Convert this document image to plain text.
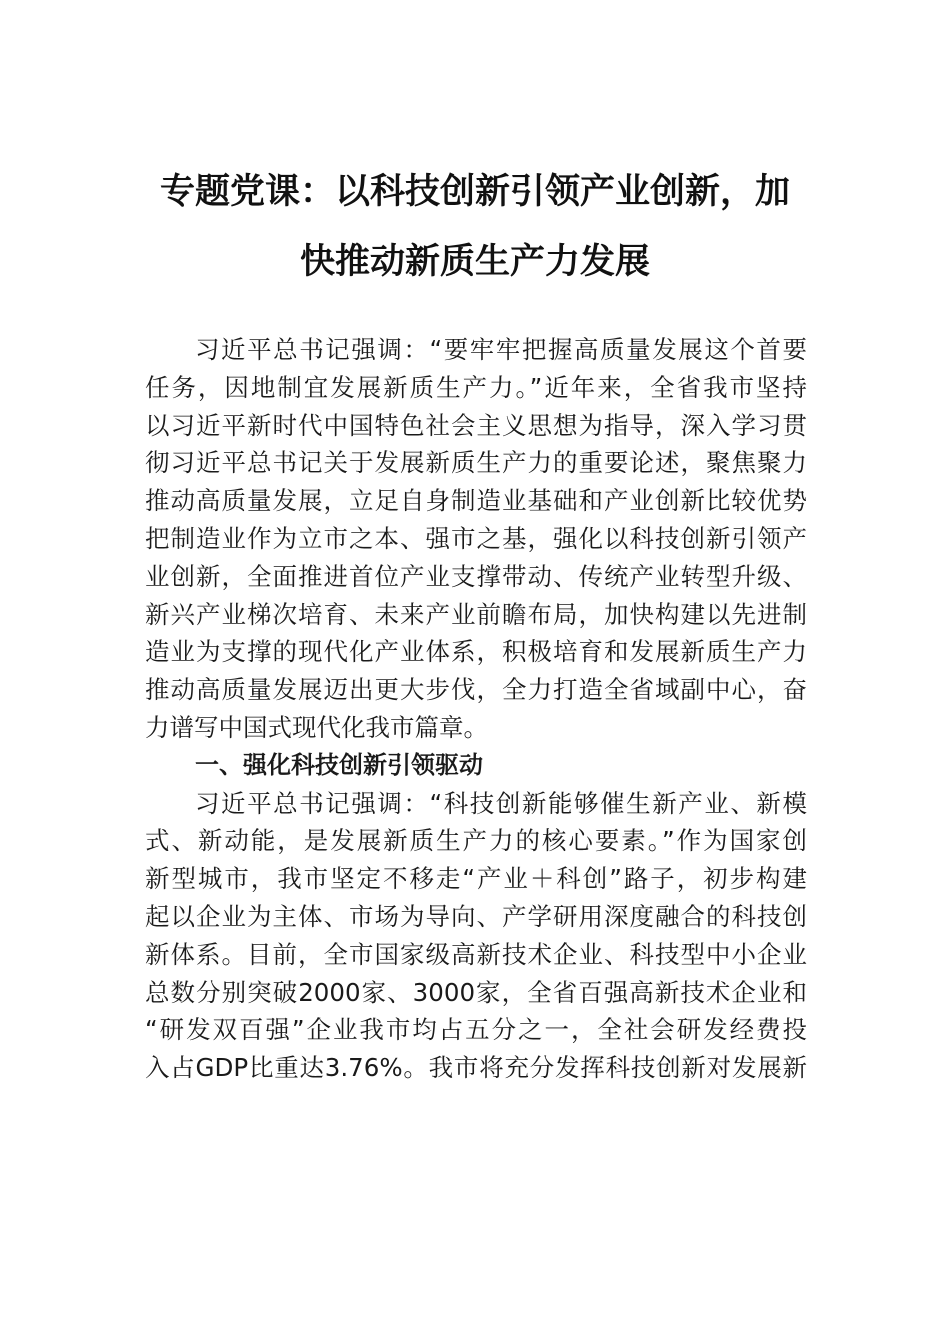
专题党课：以科技创新引领产业创新，加
快推动新质生产力发展
习近平总书记强调：“要牢牢把握高质量发展这个首要
任务，因地制宜发展新质生产力。”近年来，全省我市坚持
以习近平新时代中国特色社会主义思想为指导，深入学习贯
彻习近平总书记关于发展新质生产力的重要论述，聚焦聚力
推动高质量发展，立足自身制造业基础和产业创新比较优势
把制造业作为立市之本、强市之基，强化以科技创新引领产
业创新，全面推进首位产业支撑带动、传统产业转型升级、
新兴产业梯次培育、未来产业前瞻布局，加快构建以先进制
造业为支撑的现代化产业体系，积极培育和发展新质生产力
推动高质量发展迈出更大步伐，全力打造全省域副中心，奋
力谱写中国式现代化我市篇章。
一、强化科技创新引领驱动
习近平总书记强调：“科技创新能够催生新产业、新模
式、新动能，是发展新质生产力的核心要素。”作为国家创
新型城市，我市坚定不移走“产业＋科创”路子，初步构建
起以企业为主体、市场为导向、产学研用深度融合的科技创
新体系。目前，全市国家级高新技术企业、科技型中小企业
总数分别突破2000家、3000家，全省百强高新技术企业和
“研发双百强”企业我市均占五分之一，全社会研发经费投
入占GDP比重达3.76%。我市将充分发挥科技创新对发展新
